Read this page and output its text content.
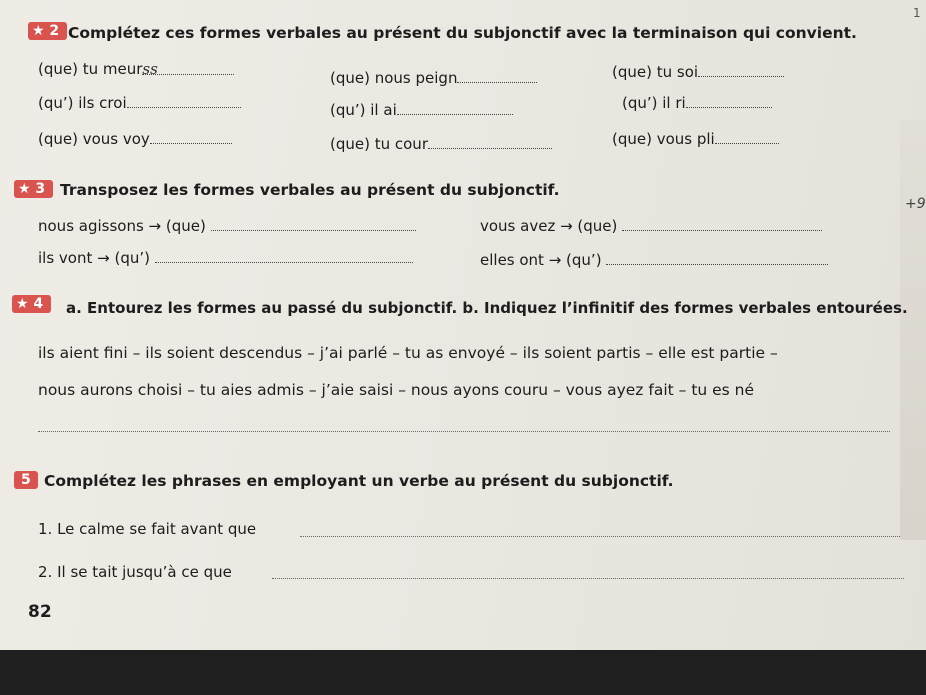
1
+9
★ 2 Complétez ces formes verbales au présent du subjonctif avec la terminaison qui convient.
(que) tu meurss	(que) nous peign	(que) tu soi
(qu’) ils croi	(qu’) il ai	(qu’) il ri
(que) vous voy	(que) tu cour	(que) vous pli
★ 3 Transposez les formes verbales au présent du subjonctif.
nous agissons → (que)	vous avez → (que)
ils vont → (qu’)	elles ont → (qu’)
★ 4	a. Entourez les formes au passé du subjonctif. b. Indiquez l’infinitif des formes verbales entourées.
ils aient fini – ils soient descendus – j’ai parlé – tu as envoyé – ils soient partis – elle est partie –
nous aurons choisi – tu aies admis – j’aie saisi – nous ayons couru – vous ayez fait – tu es né
5 Complétez les phrases en employant un verbe au présent du subjonctif.
1. Le calme se fait avant que
2. Il se tait jusqu’à ce que
82
